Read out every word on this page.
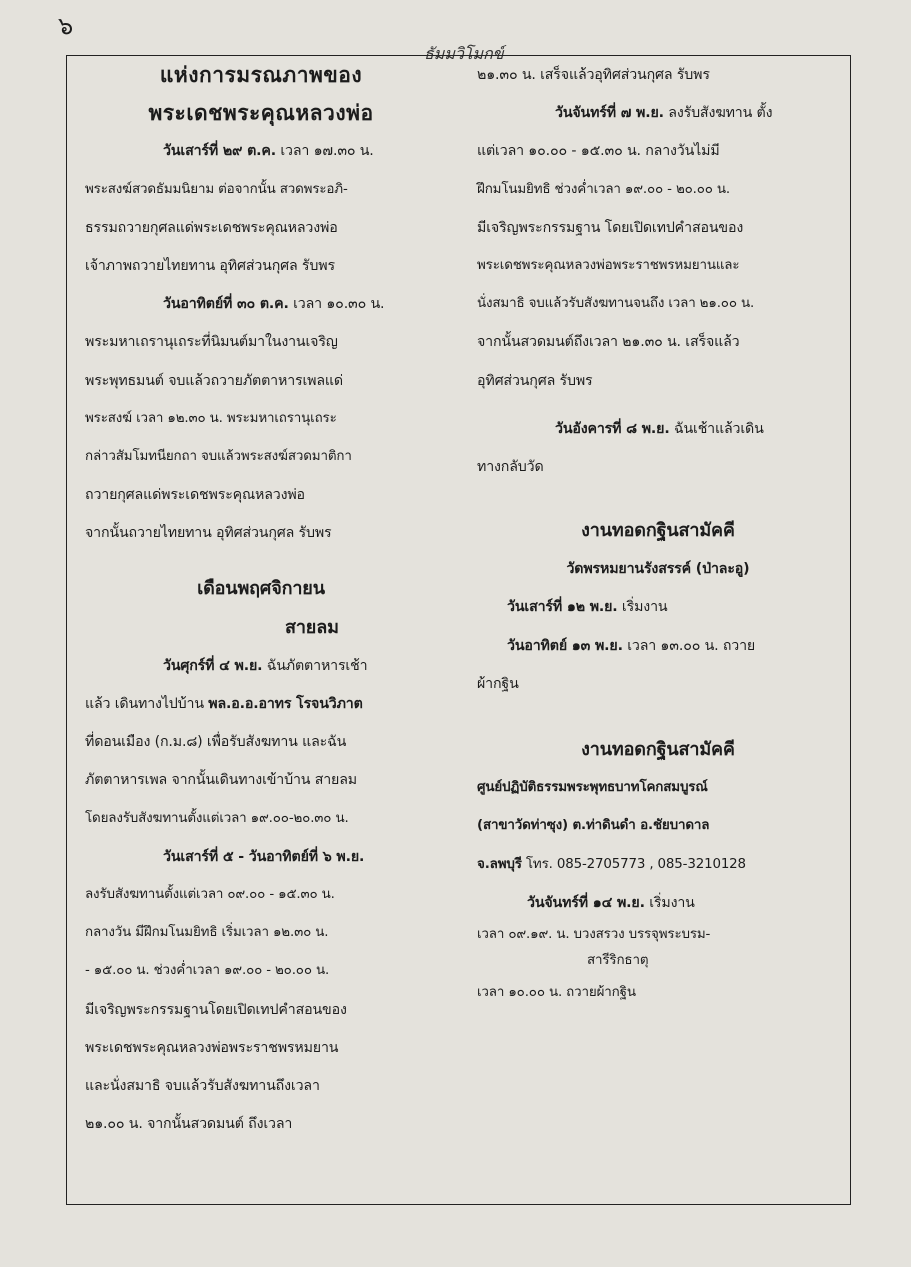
๖
ธัมมวิโมกข์
แห่งการมรณภาพของ
พระเดชพระคุณหลวงพ่อ
วันเสาร์ที่ ๒๙ ต.ค. เวลา ๑๗.๓๐ น.
พระสงฆ์สวดธัมมนิยาม ต่อจากนั้น สวดพระอภิ-
ธรรมถวายกุศลแด่พระเดชพระคุณหลวงพ่อ
เจ้าภาพถวายไทยทาน อุทิศส่วนกุศล รับพร
วันอาทิตย์ที่ ๓๐ ต.ค. เวลา ๑๐.๓๐ น.
พระมหาเถรานุเถระที่นิมนต์มาในงานเจริญ
พระพุทธมนต์ จบแล้วถวายภัตตาหารเพลแด่
พระสงฆ์ เวลา ๑๒.๓๐ น. พระมหาเถรานุเถระ
กล่าวสัมโมทนียกถา จบแล้วพระสงฆ์สวดมาติกา
ถวายกุศลแด่พระเดชพระคุณหลวงพ่อ
จากนั้นถวายไทยทาน อุทิศส่วนกุศล รับพร
เดือนพฤศจิกายน
สายลม
วันศุกร์ที่ ๔ พ.ย. ฉันภัตตาหารเช้า
แล้ว เดินทางไปบ้าน พล.อ.อ.อาทร โรจนวิภาต
ที่ดอนเมือง (ก.ม.๘) เพื่อรับสังฆทาน และฉัน
ภัตตาหารเพล จากนั้นเดินทางเข้าบ้าน สายลม
โดยลงรับสังฆทานตั้งแต่เวลา ๑๙.๐๐-๒๐.๓๐ น.
วันเสาร์ที่ ๕ - วันอาทิตย์ที่ ๖ พ.ย.
ลงรับสังฆทานตั้งแต่เวลา ๐๙.๐๐ - ๑๕.๓๐ น.
กลางวัน มีฝึกมโนมยิทธิ เริ่มเวลา ๑๒.๓๐ น.
- ๑๕.๐๐ น. ช่วงค่ำเวลา ๑๙.๐๐ - ๒๐.๐๐ น.
มีเจริญพระกรรมฐานโดยเปิดเทปคำสอนของ
พระเดชพระคุณหลวงพ่อพระราชพรหมยาน
และนั่งสมาธิ จบแล้วรับสังฆทานถึงเวลา
๒๑.๐๐ น. จากนั้นสวดมนต์ ถึงเวลา
๒๑.๓๐ น. เสร็จแล้วอุทิศส่วนกุศล รับพร
วันจันทร์ที่ ๗ พ.ย. ลงรับสังฆทาน ตั้ง
แต่เวลา ๑๐.๐๐ - ๑๕.๓๐ น. กลางวันไม่มี
ฝึกมโนมยิทธิ ช่วงค่ำเวลา ๑๙.๐๐ - ๒๐.๐๐ น.
มีเจริญพระกรรมฐาน โดยเปิดเทปคำสอนของ
พระเดชพระคุณหลวงพ่อพระราชพรหมยานและ
นั่งสมาธิ จบแล้วรับสังฆทานจนถึง เวลา ๒๑.๐๐ น.
จากนั้นสวดมนต์ถึงเวลา ๒๑.๓๐ น. เสร็จแล้ว
อุทิศส่วนกุศล รับพร
วันอังคารที่ ๘ พ.ย. ฉันเช้าแล้วเดิน
ทางกลับวัด
งานทอดกฐินสามัคคี
วัดพรหมยานรังสรรค์ (ป่าละอู)
วันเสาร์ที่ ๑๒ พ.ย. เริ่มงาน
วันอาทิตย์ ๑๓ พ.ย. เวลา ๑๓.๐๐ น. ถวาย
ผ้ากฐิน
งานทอดกฐินสามัคคี
ศูนย์ปฏิบัติธรรมพระพุทธบาทโคกสมบูรณ์
(สาขาวัดท่าซุง) ต.ท่าดินดำ อ.ชัยบาดาล
จ.ลพบุรี โทร. 085-2705773 , 085-3210128
วันจันทร์ที่ ๑๔ พ.ย. เริ่มงาน
เวลา ๐๙.๑๙. น. บวงสรวง บรรจุพระบรม-
สารีริกธาตุ
เวลา ๑๐.๐๐ น. ถวายผ้ากฐิน
